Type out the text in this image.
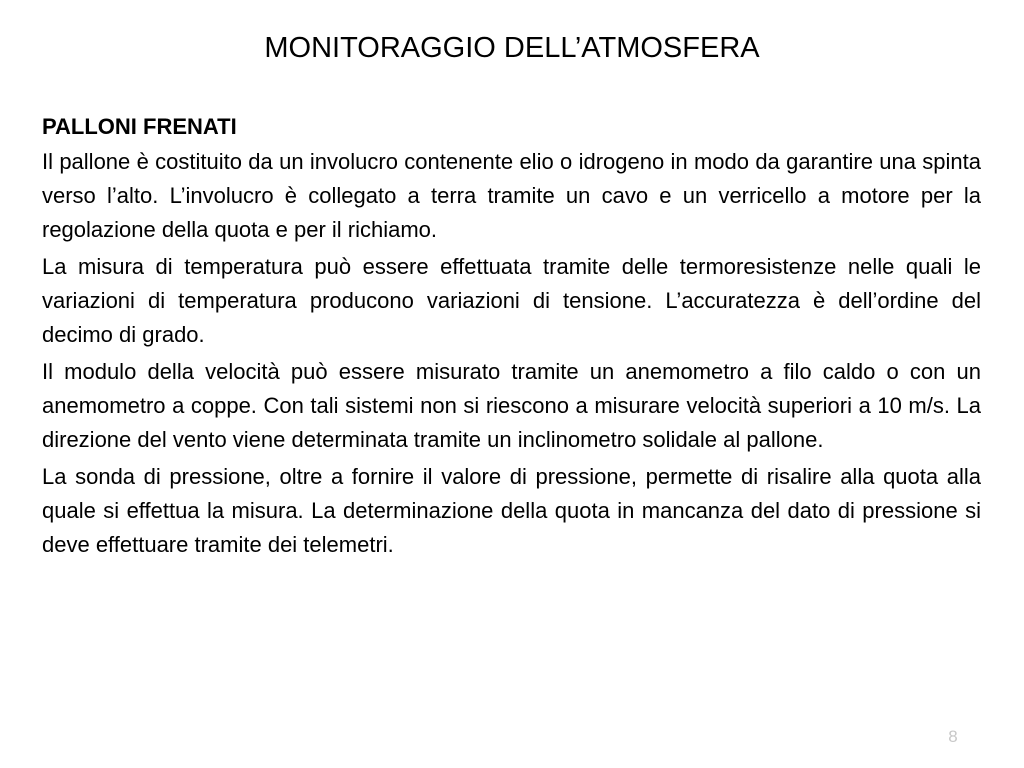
MONITORAGGIO DELL’ATMOSFERA

PALLONI FRENATI

Il pallone è costituito da un involucro contenente elio o idrogeno in modo da garantire una spinta verso l’alto. L’involucro è collegato a terra tramite un cavo e un verricello a motore per la regolazione della quota e per il richiamo.

La misura di temperatura può essere effettuata tramite delle termoresistenze nelle quali le variazioni di temperatura producono variazioni di tensione. L’accuratezza è dell’ordine del decimo di grado.

Il modulo della velocità può essere misurato tramite un anemometro a filo caldo o con un anemometro a coppe. Con tali sistemi non si riescono a misurare velocità superiori a 10 m/s. La direzione del vento viene determinata tramite un inclinometro solidale al pallone.

La sonda di pressione, oltre a fornire il valore di pressione, permette di risalire alla quota alla quale si effettua la misura. La determinazione della quota in mancanza del dato di pressione si deve effettuare tramite dei telemetri.

8
